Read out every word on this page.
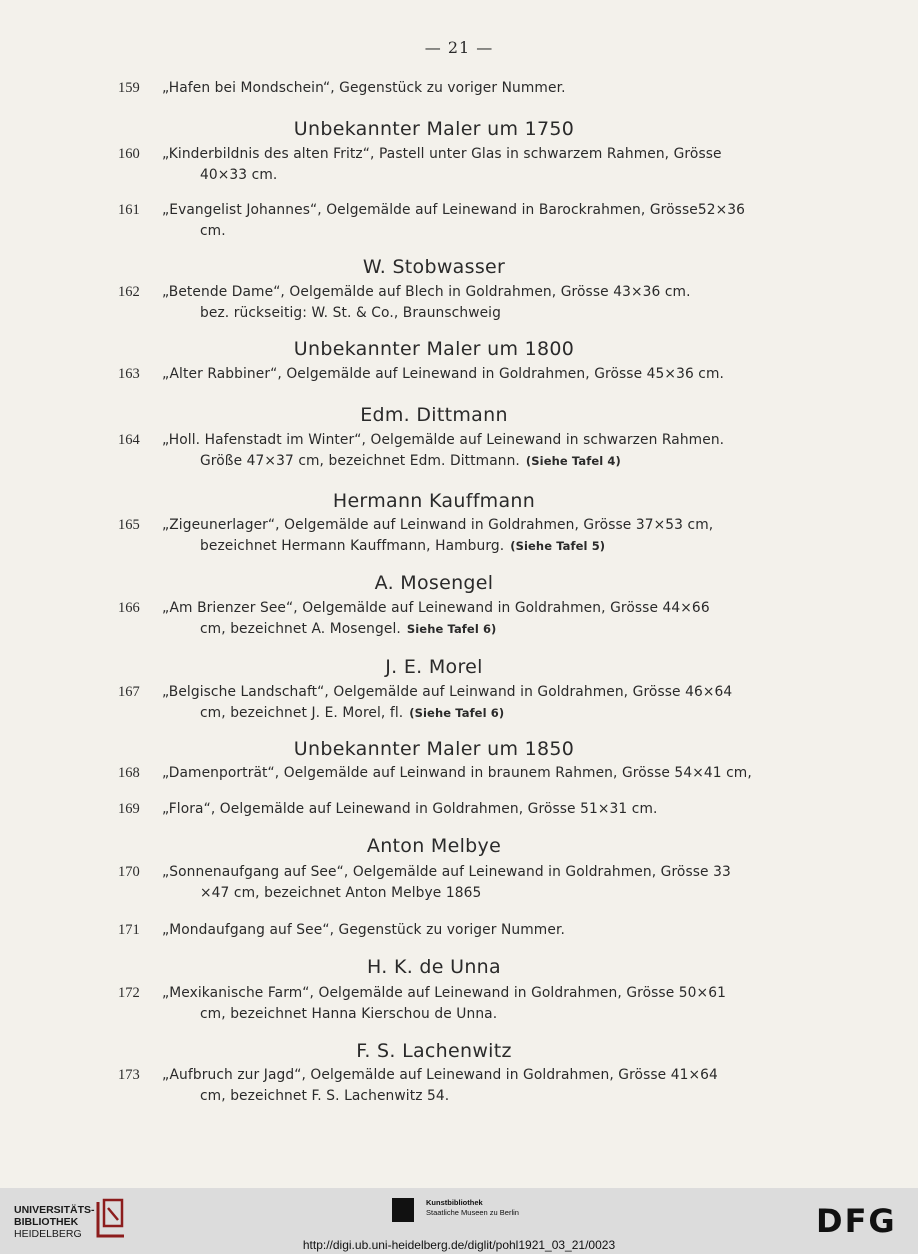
— 21 —
159	„Hafen bei Mondschein“, Gegenstück zu voriger Nummer.
Unbekannter Maler um 1750
160	„Kinderbildnis des alten Fritz“, Pastell unter Glas in schwarzem Rahmen, Grösse
40×33 cm.
161	„Evangelist Johannes“, Oelgemälde auf Leinewand in Barockrahmen, Grösse52×36
cm.
W. Stobwasser
162	„Betende Dame“, Oelgemälde auf Blech in Goldrahmen, Grösse 43×36 cm.
bez. rückseitig: W. St. & Co., Braunschweig
Unbekannter Maler um 1800
163	„Alter Rabbiner“, Oelgemälde auf Leinewand in Goldrahmen, Grösse 45×36 cm.
Edm. Dittmann
164	„Holl. Hafenstadt im Winter“, Oelgemälde auf Leinewand in schwarzen Rahmen.
Größe 47×37 cm, bezeichnet Edm. Dittmann. (Siehe Tafel 4)
Hermann Kauffmann
165	„Zigeunerlager“, Oelgemälde auf Leinwand in Goldrahmen, Grösse 37×53 cm,
bezeichnet Hermann Kauffmann, Hamburg. (Siehe Tafel 5)
A. Mosengel
166	„Am Brienzer See“, Oelgemälde auf Leinewand in Goldrahmen, Grösse 44×66
cm, bezeichnet A. Mosengel. Siehe Tafel 6)
J. E. Morel
167	„Belgische Landschaft“, Oelgemälde auf Leinwand in Goldrahmen, Grösse 46×64
cm, bezeichnet J. E. Morel, fl. (Siehe Tafel 6)
Unbekannter Maler um 1850
168	„Damenporträt“, Oelgemälde auf Leinwand in braunem Rahmen, Grösse 54×41 cm,
169	„Flora“, Oelgemälde auf Leinewand in Goldrahmen, Grösse 51×31 cm.
Anton Melbye
170	„Sonnenaufgang auf See“, Oelgemälde auf Leinewand in Goldrahmen, Grösse 33
×47 cm, bezeichnet Anton Melbye 1865
171	„Mondaufgang auf See“, Gegenstück zu voriger Nummer.
H. K. de Unna
172	„Mexikanische Farm“, Oelgemälde auf Leinewand in Goldrahmen, Grösse 50×61
cm, bezeichnet Hanna Kierschou de Unna.
F. S. Lachenwitz
173	„Aufbruch zur Jagd“, Oelgemälde auf Leinewand in Goldrahmen, Grösse 41×64
cm, bezeichnet F. S. Lachenwitz 54.
UNIVERSITÄTS-
BIBLIOTHEK
HEIDELBERG
Kunstbibliothek
Staatliche Museen zu Berlin	DFG
http://digi.ub.uni-heidelberg.de/diglit/pohl1921_03_21/0023
